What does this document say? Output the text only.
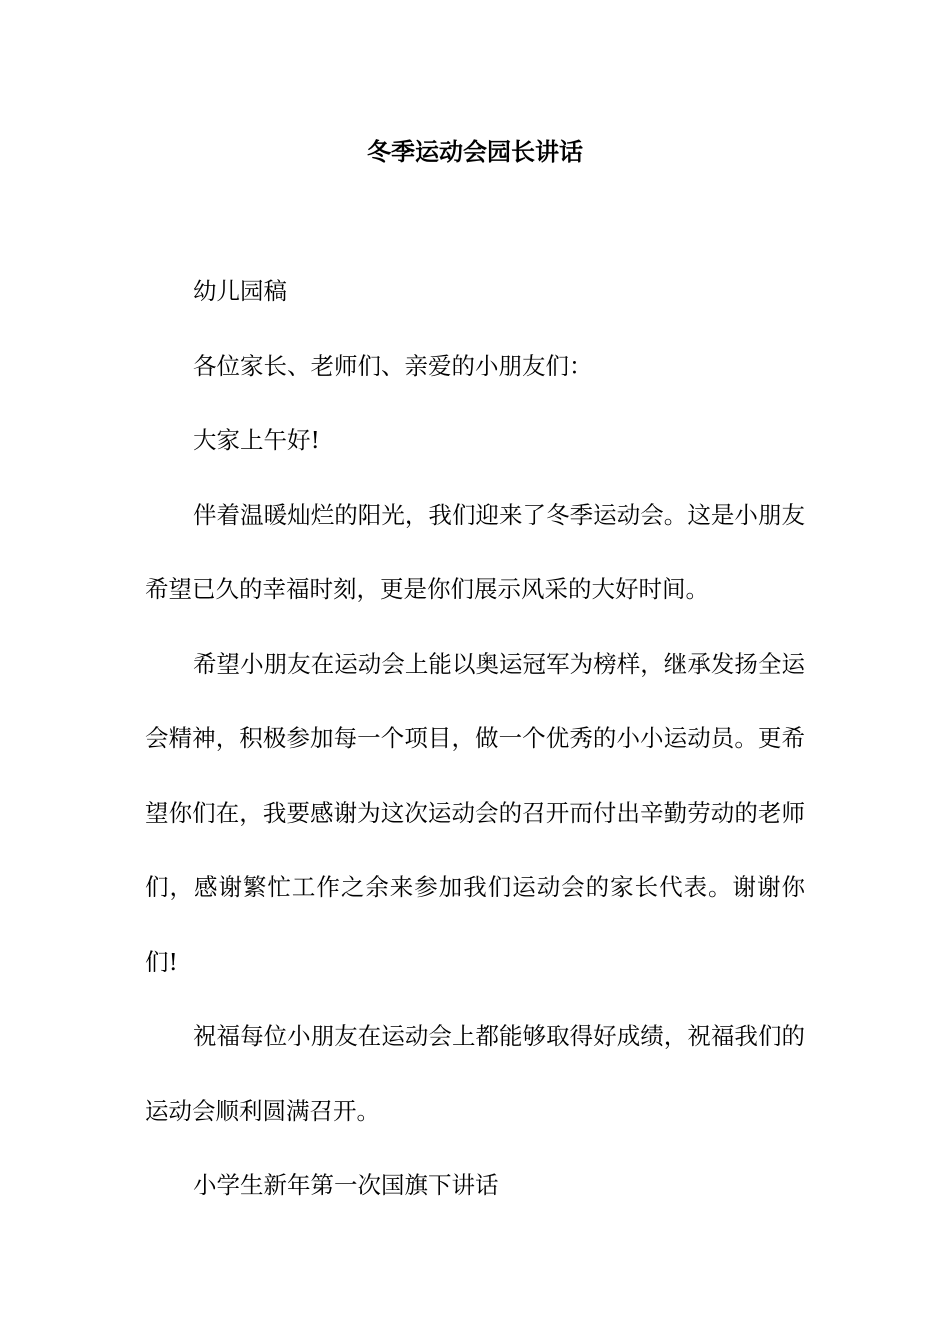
冬季运动会园长讲话

幼儿园稿

各位家长、老师们、亲爱的小朋友们：

大家上午好!

伴着温暖灿烂的阳光，我们迎来了冬季运动会。这是小朋友希望已久的幸福时刻，更是你们展示风采的大好时间。

希望小朋友在运动会上能以奥运冠军为榜样，继承发扬全运会精神，积极参加每一个项目，做一个优秀的小小运动员。更希望你们在，我要感谢为这次运动会的召开而付出辛勤劳动的老师们，感谢繁忙工作之余来参加我们运动会的家长代表。谢谢你们!

祝福每位小朋友在运动会上都能够取得好成绩，祝福我们的运动会顺利圆满召开。

小学生新年第一次国旗下讲话
